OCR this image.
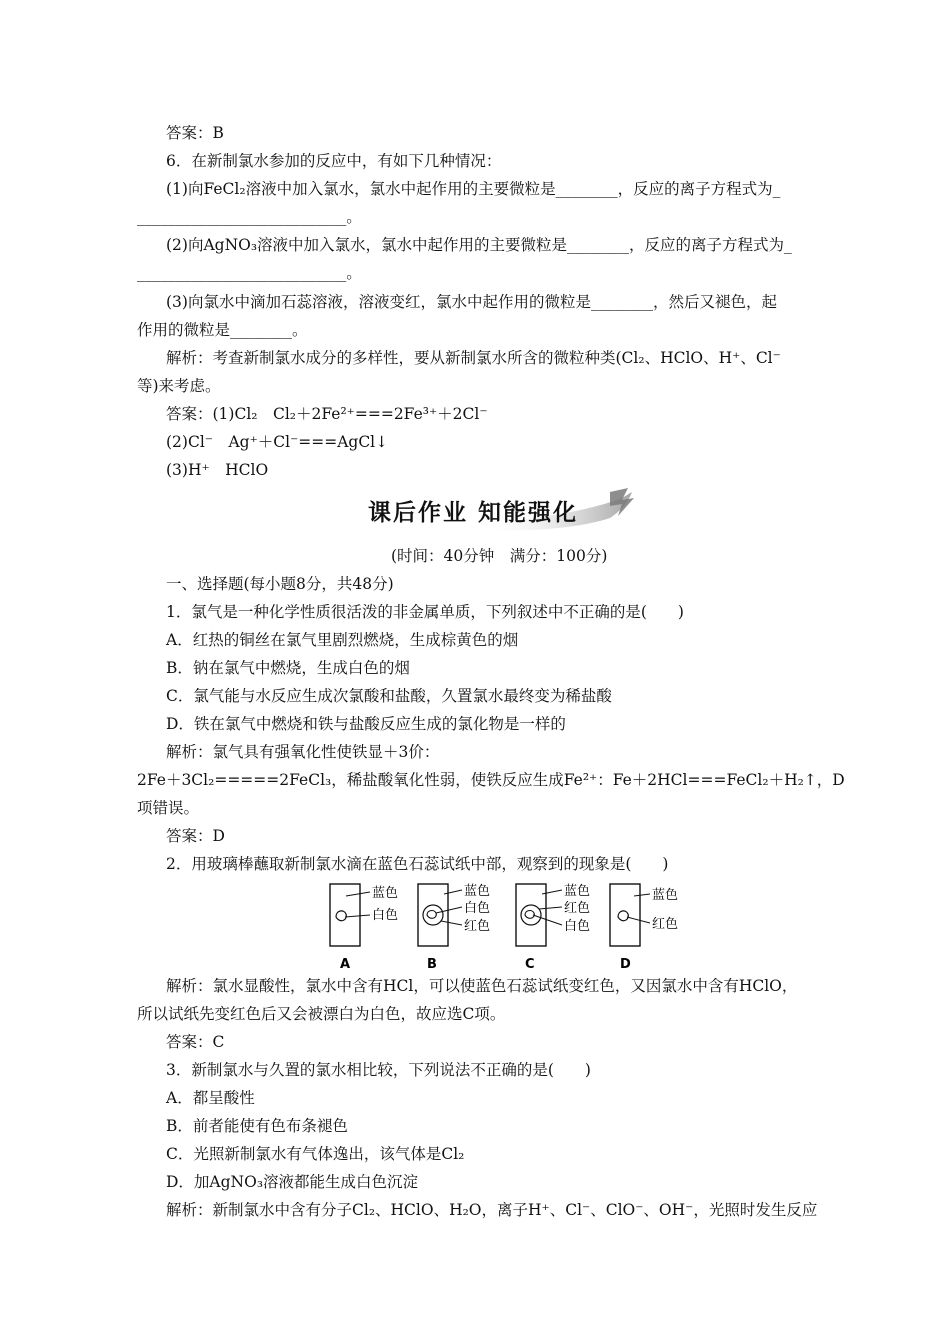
答案：B
6．在新制氯水参加的反应中，有如下几种情况：
(1)向FeCl₂溶液中加入氯水，氯水中起作用的主要微粒是________，反应的离子方程式为_
___________________________。
(2)向AgNO₃溶液中加入氯水，氯水中起作用的主要微粒是________，反应的离子方程式为_
___________________________。
(3)向氯水中滴加石蕊溶液，溶液变红，氯水中起作用的微粒是________，然后又褪色，起
作用的微粒是________。
解析：考查新制氯水成分的多样性，要从新制氯水所含的微粒种类(Cl₂、HClO、H⁺、Cl⁻
等)来考虑。
答案：(1)Cl₂　Cl₂＋2Fe²⁺===2Fe³⁺＋2Cl⁻
(2)Cl⁻　Ag⁺＋Cl⁻===AgCl↓
(3)H⁺　HClO
课后作业 知能强化
(时间：40分钟　满分：100分)
一、选择题(每小题8分，共48分)
1．氯气是一种化学性质很活泼的非金属单质，下列叙述中不正确的是(　　)
A．红热的铜丝在氯气里剧烈燃烧，生成棕黄色的烟
B．钠在氯气中燃烧，生成白色的烟
C．氯气能与水反应生成次氯酸和盐酸，久置氯水最终变为稀盐酸
D．铁在氯气中燃烧和铁与盐酸反应生成的氯化物是一样的
解析：氯气具有强氧化性使铁显＋3价：
2Fe＋3Cl₂=====2FeCl₃，稀盐酸氧化性弱，使铁反应生成Fe²⁺：Fe＋2HCl===FeCl₂＋H₂↑，D
项错误。
答案：D
2．用玻璃棒蘸取新制氯水滴在蓝色石蕊试纸中部，观察到的现象是(　　)
蓝色
白色
A
蓝色
白色
红色
B
蓝色
红色
白色
C
蓝色
红色
D
解析：氯水显酸性，氯水中含有HCl，可以使蓝色石蕊试纸变红色，又因氯水中含有HClO，
所以试纸先变红色后又会被漂白为白色，故应选C项。
答案：C
3．新制氯水与久置的氯水相比较，下列说法不正确的是(　　)
A．都呈酸性
B．前者能使有色布条褪色
C．光照新制氯水有气体逸出，该气体是Cl₂
D．加AgNO₃溶液都能生成白色沉淀
解析：新制氯水中含有分子Cl₂、HClO、H₂O，离子H⁺、Cl⁻、ClO⁻、OH⁻，光照时发生反应
